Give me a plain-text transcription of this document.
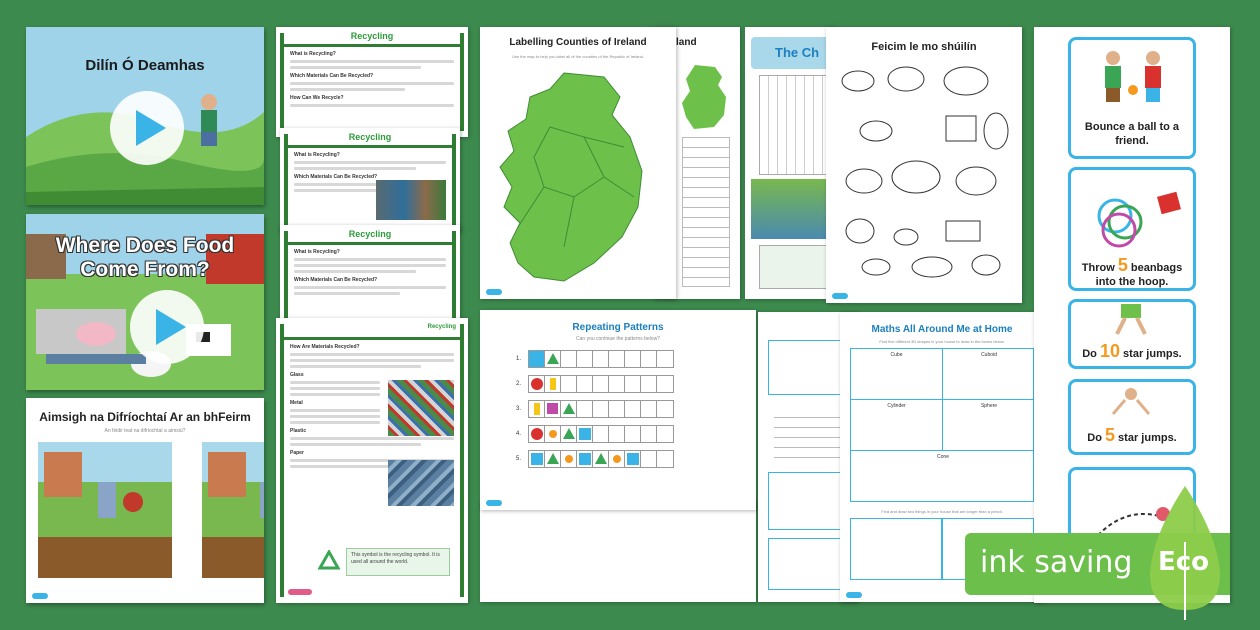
Dilín Ó Deamhas
Where Does Food Come From?
Aimsigh na Difríochtaí Ar an bhFeirm
An féidir leat na difríochtaí a aimsiú?
Recycling
What is Recycling?
Which Materials Can Be Recycled?
How Can We Recycle?
Recycling
What is Recycling?
Which Materials Can Be Recycled?
Recycling
What is Recycling?
Which Materials Can Be Recycled?
Recycling
How Are Materials Recycled?
Glass
Metal
Plastic
Paper
This symbol is the recycling symbol. It is used all around the world.
land
Labelling Counties of Ireland
Use the map to help you label all of the counties of the Republic of Ireland.	The Ch	Feicim le mo shúilín
Repeating Patterns
Can you continue the patterns below?
1.
2.
3.
4.
5.
Maths All Around Me at Home
Find five different 3D shapes in your house to draw in the boxes below.
Cube	Cuboid
Cylinder	Sphere
Cone
Find and draw two things in your house that are longer than a pencil.
Bounce a ball to a friend.
Throw 5 beanbags into the hoop.
Do 10 star jumps.
Do 5 star jumps.
ink saving Eco
